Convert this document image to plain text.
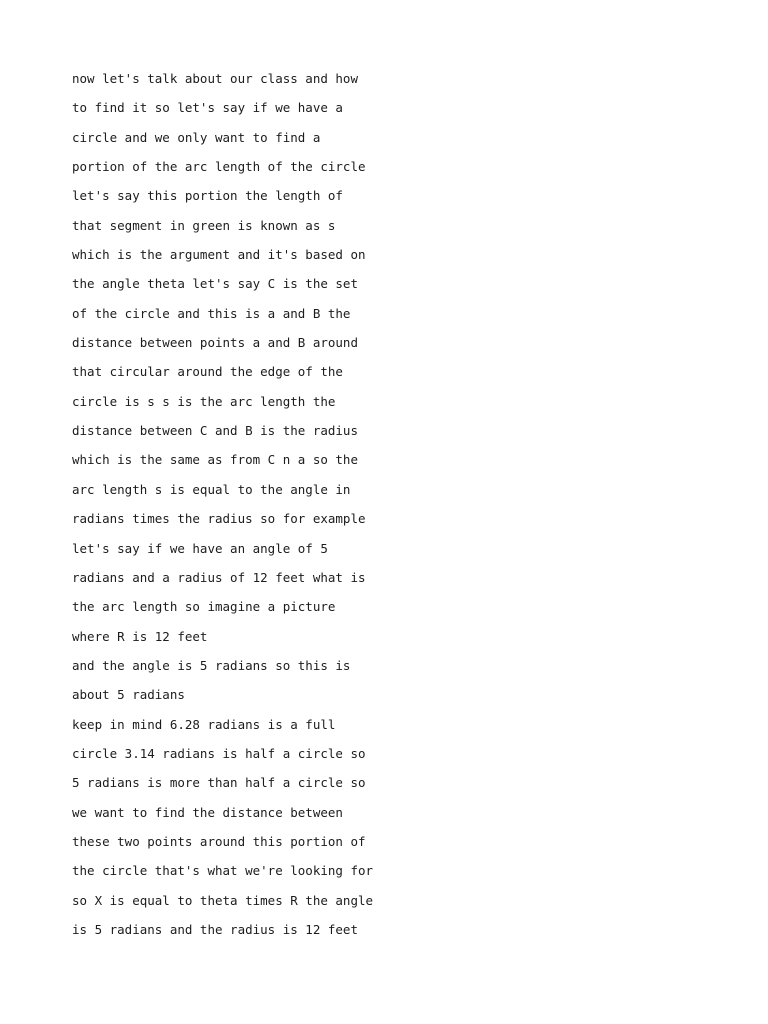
now let's talk about our class and how
to find it so let's say if we have a
circle and we only want to find a
portion of the arc length of the circle
let's say this portion the length of
that segment in green is known as s
which is the argument and it's based on
the angle theta let's say C is the set
of the circle and this is a and B the
distance between points a and B around
that circular around the edge of the
circle is s s is the arc length the
distance between C and B is the radius
which is the same as from C n a so the
arc length s is equal to the angle in
radians times the radius so for example
let's say if we have an angle of 5
radians and a radius of 12 feet what is
the arc length so imagine a picture
where R is 12 feet
and the angle is 5 radians so this is
about 5 radians
keep in mind 6.28 radians is a full
circle 3.14 radians is half a circle so
5 radians is more than half a circle so
we want to find the distance between
these two points around this portion of
the circle that's what we're looking for
so X is equal to theta times R the angle
is 5 radians and the radius is 12 feet
